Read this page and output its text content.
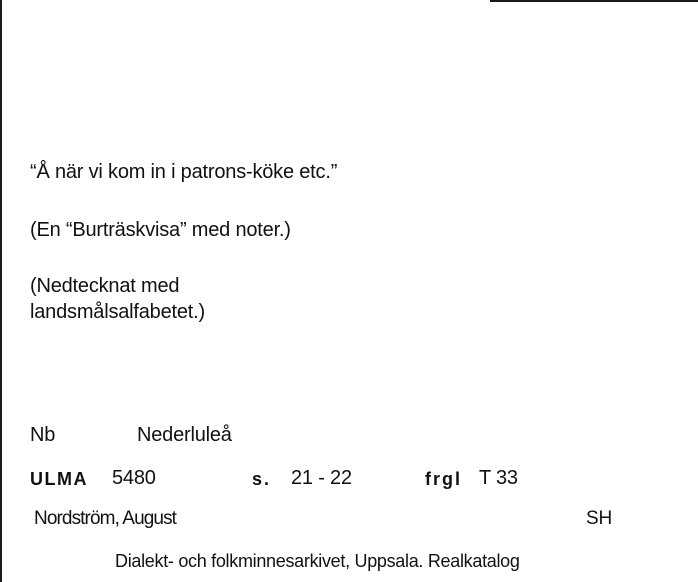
“Å när vi kom in i patrons-köke etc.”
(En “Burträskvisa” med noter.)
(Nedtecknat med
landsmålsalfabetet.)
Nb	Nederluleå
ULMA 5480	s. 21 - 22	frgl T 33
Nordström, August	SH
Dialekt- och folkminnesarkivet, Uppsala. Realkatalog
